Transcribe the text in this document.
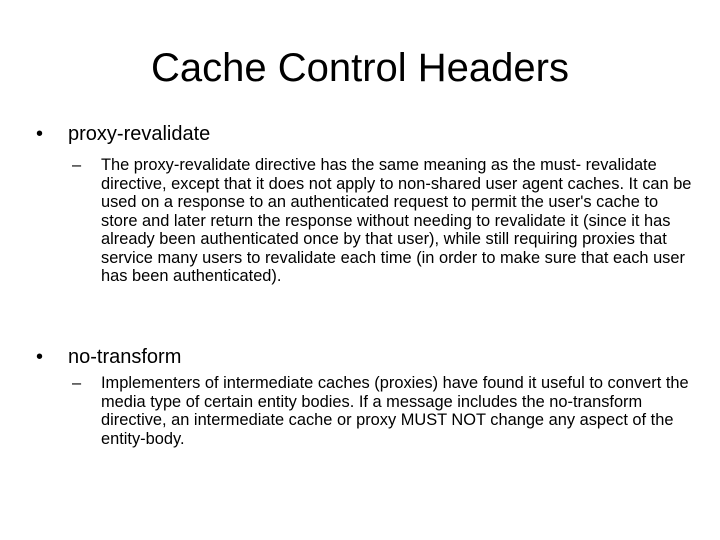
Cache Control Headers

• proxy-revalidate

–	The proxy-revalidate directive has the same meaning as the must- revalidate directive, except that it does not apply to non-shared user agent caches. It can be used on a response to an authenticated request to permit the user's cache to store and later return the response without needing to revalidate it (since it has already been authenticated once by that user), while still requiring proxies that service many users to revalidate each time (in order to make sure that each user has been authenticated).

• no-transform

–	Implementers of intermediate caches (proxies) have found it useful to convert the media type of certain entity bodies. If a message includes the no-transform directive, an intermediate cache or proxy MUST NOT change any aspect of the entity-body.
